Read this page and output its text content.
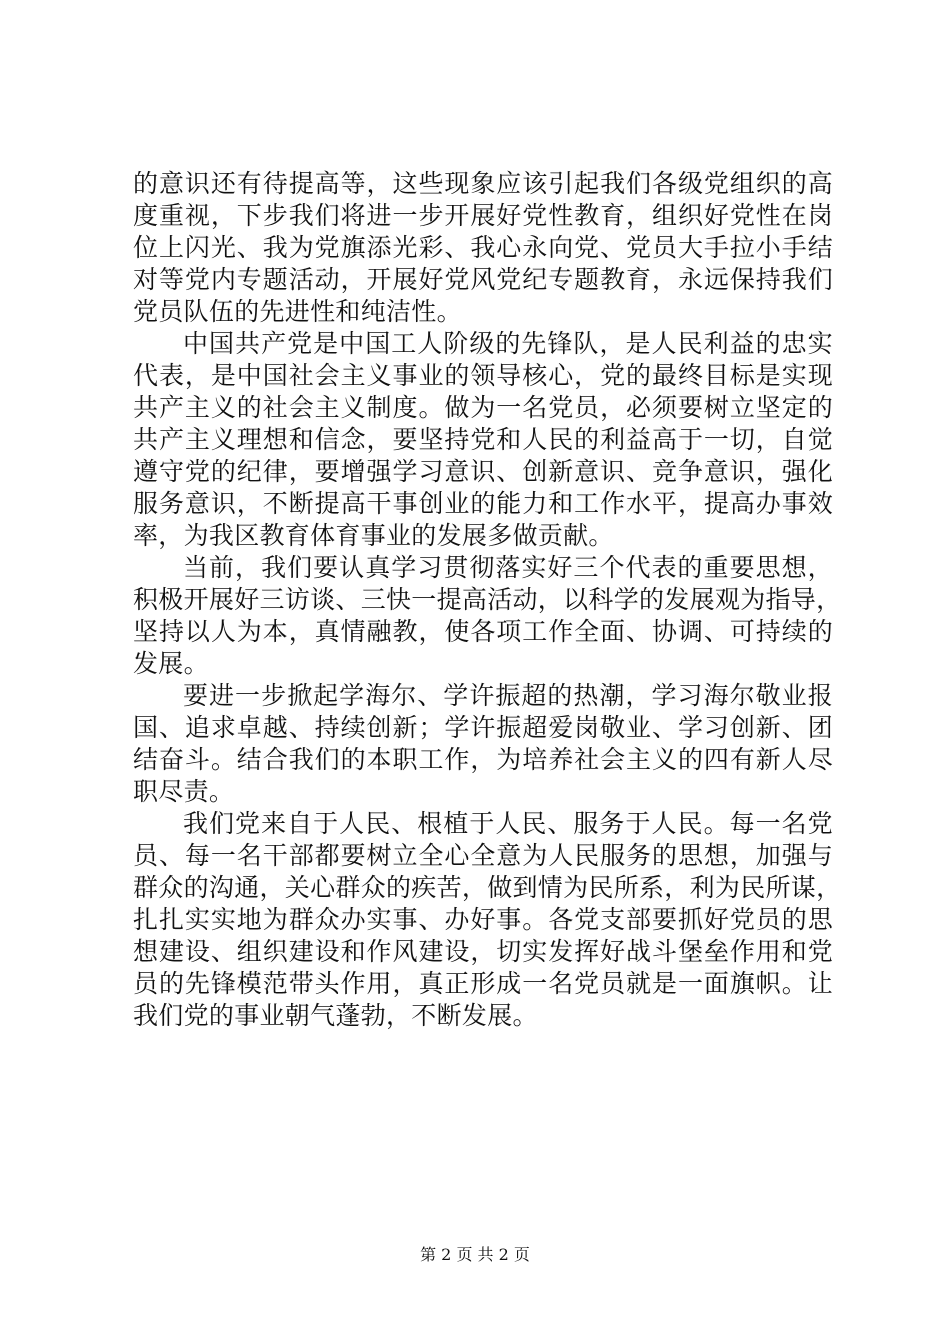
的意识还有待提高等，这些现象应该引起我们各级党组织的高
度重视，下步我们将进一步开展好党性教育，组织好党性在岗
位上闪光、我为党旗添光彩、我心永向党、党员大手拉小手结
对等党内专题活动，开展好党风党纪专题教育，永远保持我们
党员队伍的先进性和纯洁性。
中国共产党是中国工人阶级的先锋队，是人民利益的忠实
代表，是中国社会主义事业的领导核心，党的最终目标是实现
共产主义的社会主义制度。做为一名党员，必须要树立坚定的
共产主义理想和信念，要坚持党和人民的利益高于一切，自觉
遵守党的纪律，要增强学习意识、创新意识、竞争意识，强化
服务意识，不断提高干事创业的能力和工作水平，提高办事效
率，为我区教育体育事业的发展多做贡献。
当前，我们要认真学习贯彻落实好三个代表的重要思想，
积极开展好三访谈、三快一提高活动，以科学的发展观为指导，
坚持以人为本，真情融教，使各项工作全面、协调、可持续的
发展。
要进一步掀起学海尔、学许振超的热潮，学习海尔敬业报
国、追求卓越、持续创新；学许振超爱岗敬业、学习创新、团
结奋斗。结合我们的本职工作，为培养社会主义的四有新人尽
职尽责。
我们党来自于人民、根植于人民、服务于人民。每一名党
员、每一名干部都要树立全心全意为人民服务的思想，加强与
群众的沟通，关心群众的疾苦，做到情为民所系，利为民所谋，
扎扎实实地为群众办实事、办好事。各党支部要抓好党员的思
想建设、组织建设和作风建设，切实发挥好战斗堡垒作用和党
员的先锋模范带头作用，真正形成一名党员就是一面旗帜。让
我们党的事业朝气蓬勃，不断发展。
第 2 页 共 2 页
